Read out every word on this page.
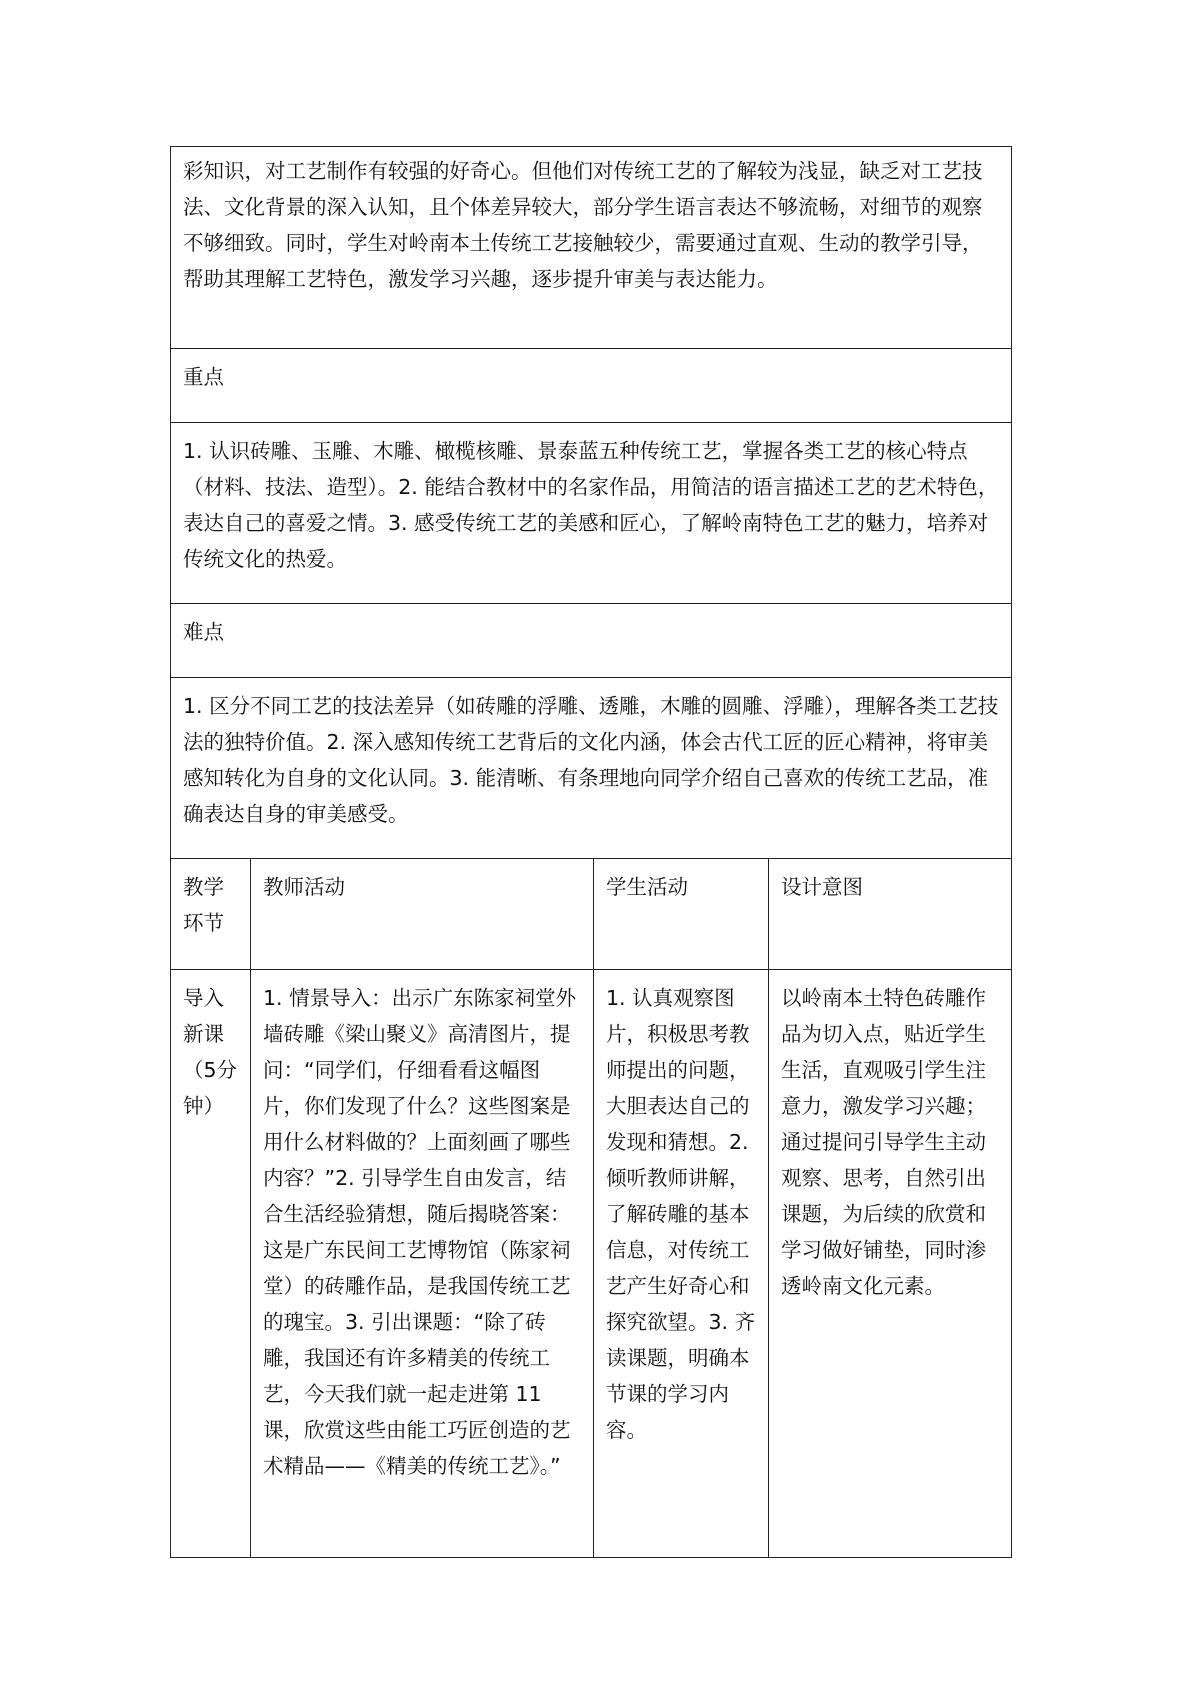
彩知识，对工艺制作有较强的好奇心。但他们对传统工艺的了解较为浅显，缺乏对工艺技法、文化背景的深入认知，且个体差异较大，部分学生语言表达不够流畅，对细节的观察不够细致。同时，学生对岭南本土传统工艺接触较少，需要通过直观、生动的教学引导，帮助其理解工艺特色，激发学习兴趣，逐步提升审美与表达能力。			
重点			
1. 认识砖雕、玉雕、木雕、橄榄核雕、景泰蓝五种传统工艺，掌握各类工艺的核心特点（材料、技法、造型）。2. 能结合教材中的名家作品，用简洁的语言描述工艺的艺术特色，表达自己的喜爱之情。3. 感受传统工艺的美感和匠心，了解岭南特色工艺的魅力，培养对传统文化的热爱。			
难点			
1. 区分不同工艺的技法差异（如砖雕的浮雕、透雕，木雕的圆雕、浮雕），理解各类工艺技法的独特价值。2. 深入感知传统工艺背后的文化内涵，体会古代工匠的匠心精神，将审美感知转化为自身的文化认同。3. 能清晰、有条理地向同学介绍自己喜欢的传统工艺品，准确表达自身的审美感受。			
教学环节	教师活动	学生活动	设计意图
导入新课（5分钟）	1. 情景导入：出示广东陈家祠堂外墙砖雕《梁山聚义》高清图片，提问：“同学们，仔细看看这幅图片，你们发现了什么？这些图案是用什么材料做的？上面刻画了哪些内容？”2. 引导学生自由发言，结合生活经验猜想，随后揭晓答案：这是广东民间工艺博物馆（陈家祠堂）的砖雕作品，是我国传统工艺的瑰宝。3. 引出课题：“除了砖雕，我国还有许多精美的传统工艺，今天我们就一起走进第 11 课，欣赏这些由能工巧匠创造的艺术精品——《精美的传统工艺》。”	1. 认真观察图片，积极思考教师提出的问题，大胆表达自己的发现和猜想。2. 倾听教师讲解，了解砖雕的基本信息，对传统工艺产生好奇心和探究欲望。3. 齐读课题，明确本节课的学习内容。	以岭南本土特色砖雕作品为切入点，贴近学生生活，直观吸引学生注意力，激发学习兴趣；通过提问引导学生主动观察、思考，自然引出课题，为后续的欣赏和学习做好铺垫，同时渗透岭南文化元素。
